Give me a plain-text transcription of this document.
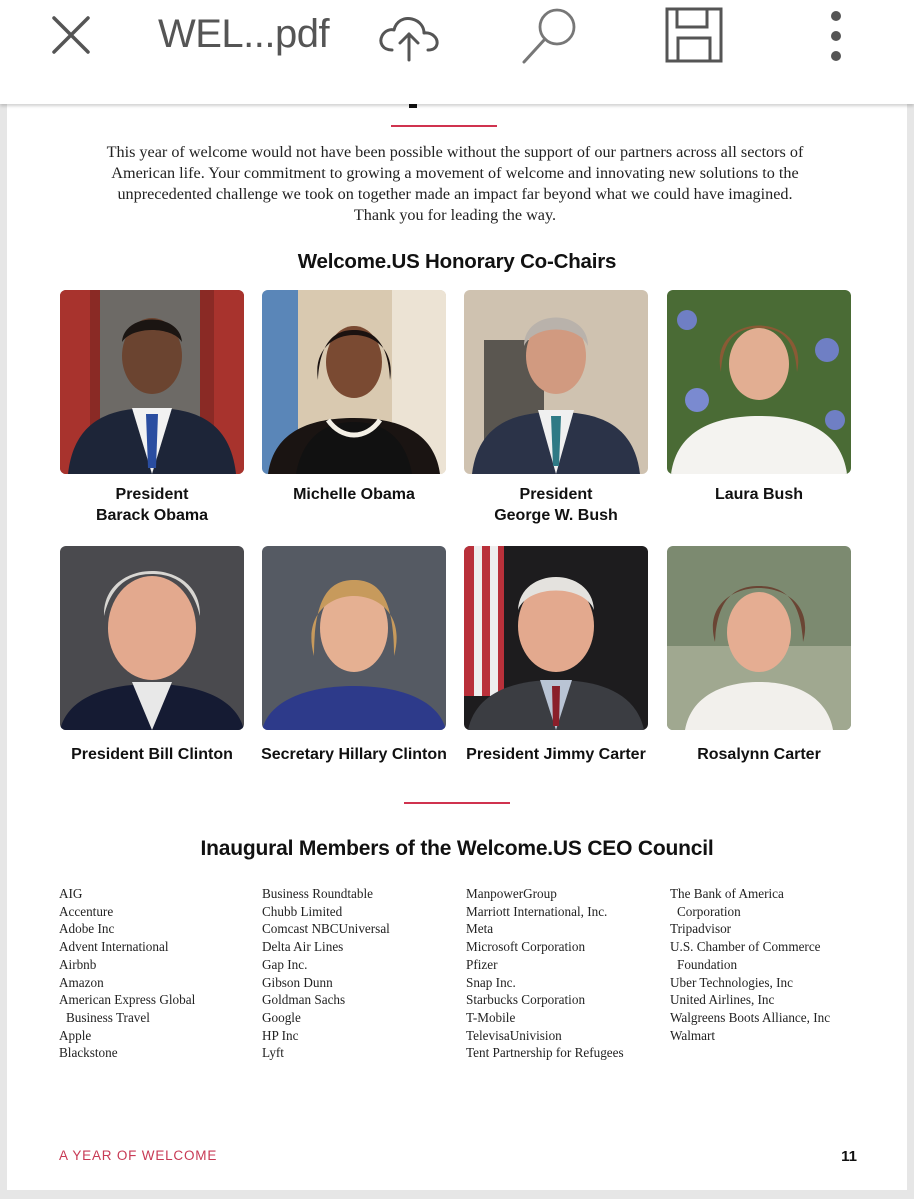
WEL...pdf
This year of welcome would not have been possible without the support of our partners across all sectors of American life. Your commitment to growing a movement of welcome and innovating new solutions to the unprecedented challenge we took on together made an impact far beyond what we could have imagined. Thank you for leading the way.
Welcome.US Honorary Co-Chairs
President
Barack Obama
Michelle Obama	President
George W. Bush
Laura Bush
President Bill Clinton	Secretary Hillary Clinton	President Jimmy Carter	Rosalynn Carter
Inaugural Members of the Welcome.US CEO Council
AIG
Accenture
Adobe Inc
Advent International
Airbnb
Amazon
American Express Global
Business Travel
Apple
Blackstone
Business Roundtable
Chubb Limited
Comcast NBCUniversal
Delta Air Lines
Gap Inc.
Gibson Dunn
Goldman Sachs
Google
HP Inc
Lyft
ManpowerGroup
Marriott International, Inc.
Meta
Microsoft Corporation
Pfizer
Snap Inc.
Starbucks Corporation
T-Mobile
TelevisaUnivision
Tent Partnership for Refugees
The Bank of America
Corporation
Tripadvisor
U.S. Chamber of Commerce
Foundation
Uber Technologies, Inc
United Airlines, Inc
Walgreens Boots Alliance, Inc
Walmart
A YEAR OF WELCOME	11
